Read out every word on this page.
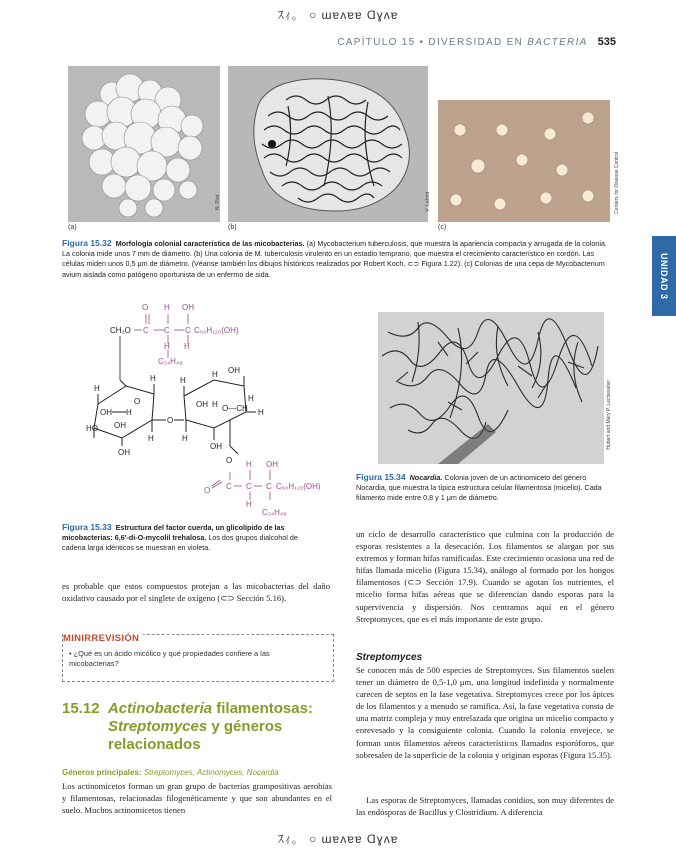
ｽｨ。 ○ ɯɐʌɐɐ Ɑɣʌɐ
ｽｨ。 ○ ɯɐʌɐɐ Ɑɣʌɐ
CAPÍTULO 15 • DIVERSIDAD EN BACTERIA 535
UNIDAD 3
N. Rist
(a)
V. Lafont
(b)
Centers for Disease Control
(c)
Figura 15.32 Morfología colonial característica de las micobacterias. (a) Mycobacterium tuberculosis, que muestra la apariencia compacta y arrugada de la colonia. La colonia mide unos 7 mm de diámetro. (b) Una colonia de M. tuberculosis virulento en un estadio temprano, que muestra el crecimiento característico en cordón. Las células miden unos 0,5 μm de diámetro. (Véanse también los dibujos históricos realizados por Robert Koch, ⊂⊃ Figura 1.22). (c) Colonias de una cepa de Mycobacterium avium aislada como patógeno oportunista de un enfermo de sida.
O
C
H OH
C C C₆₀H₁₂₀(OH)
H
C₂₄H₄₉
H
CH₂O
H
H
OH
H
OH
HO
H
OH
O
O
H
H OH
OH H O—CH
H
H
H
OH
O
O C C C C₆₀H₁₂₀(OH)
H OH
H
C₂₄H₄₉
Figura 15.33 Estructura del factor cuerda, un glicolípido de las micobacterias: 6,6′-di-O-mycolil trehalosa. Los dos grupos dialcohol de cadena larga idénticos se muestran en violeta.
Hubert and Mary P. Lechevalier
Figura 15.34 Nocardia. Colonia joven de un actinomiceto del género Nocardia, que muestra la típica estructura celular filamentosa (micelio). Cada filamento mide entre 0,8 y 1 μm de diámetro.
es probable que estos compuestos protejan a las micobacterias del daño oxidativo causado por el singlete de oxígeno (⊂⊃ Sección 5.16).
MINIRREVISIÓN
• ¿Qué es un ácido micólico y qué propiedades confiere a las micobacterias?
15.12 Actinobacteria filamentosas:
Streptomyces y géneros
relacionados
Géneros principales: Streptomyces, Actinomyces, Nocardia
Los actinomicetos forman un gran grupo de bacterias grampositivas aerobias y filamentosas, relacionadas filogenéticamente y que son abundantes en el suelo. Muchos actinomicetos tienen
un ciclo de desarrollo característico que culmina con la producción de esporas resistentes a la desecación. Los filamentos se alargan por sus extremos y forman hifas ramificadas. Este crecimiento ocasiona una red de hifas llamada micelio (Figura 15.34), análogo al formado por los hongos filamentosos (⊂⊃ Sección 17.9). Cuando se agotan los nutrientes, el micelio forma hifas aéreas que se diferencian dando esporas para la supervivencia y dispersión. Nos centramos aquí en el género Streptomyces, que es el más importante de este grupo.
Streptomyces
Se conocen más de 500 especies de Streptomyces. Sus filamentos suelen tener un diámetro de 0,5-1,0 μm, una longitud indefinida y normalmente carecen de septos en la fase vegetativa. Streptomyces crece por los ápices de los filamentos y a menudo se ramifica. Así, la fase vegetativa consta de una matriz compleja y muy entrelazada que origina un micelio compacto y enrevesado y la consiguiente colonia. Cuando la colonia envejece, se forman unos filamentos aéreos característicos llamados esporóforos, que sobresalen de la superficie de la colonia y originan esporas (Figura 15.35).
Las esporas de Streptomyces, llamadas conidios, son muy diferentes de las endósporas de Bacillus y Clostridium. A diferencia
